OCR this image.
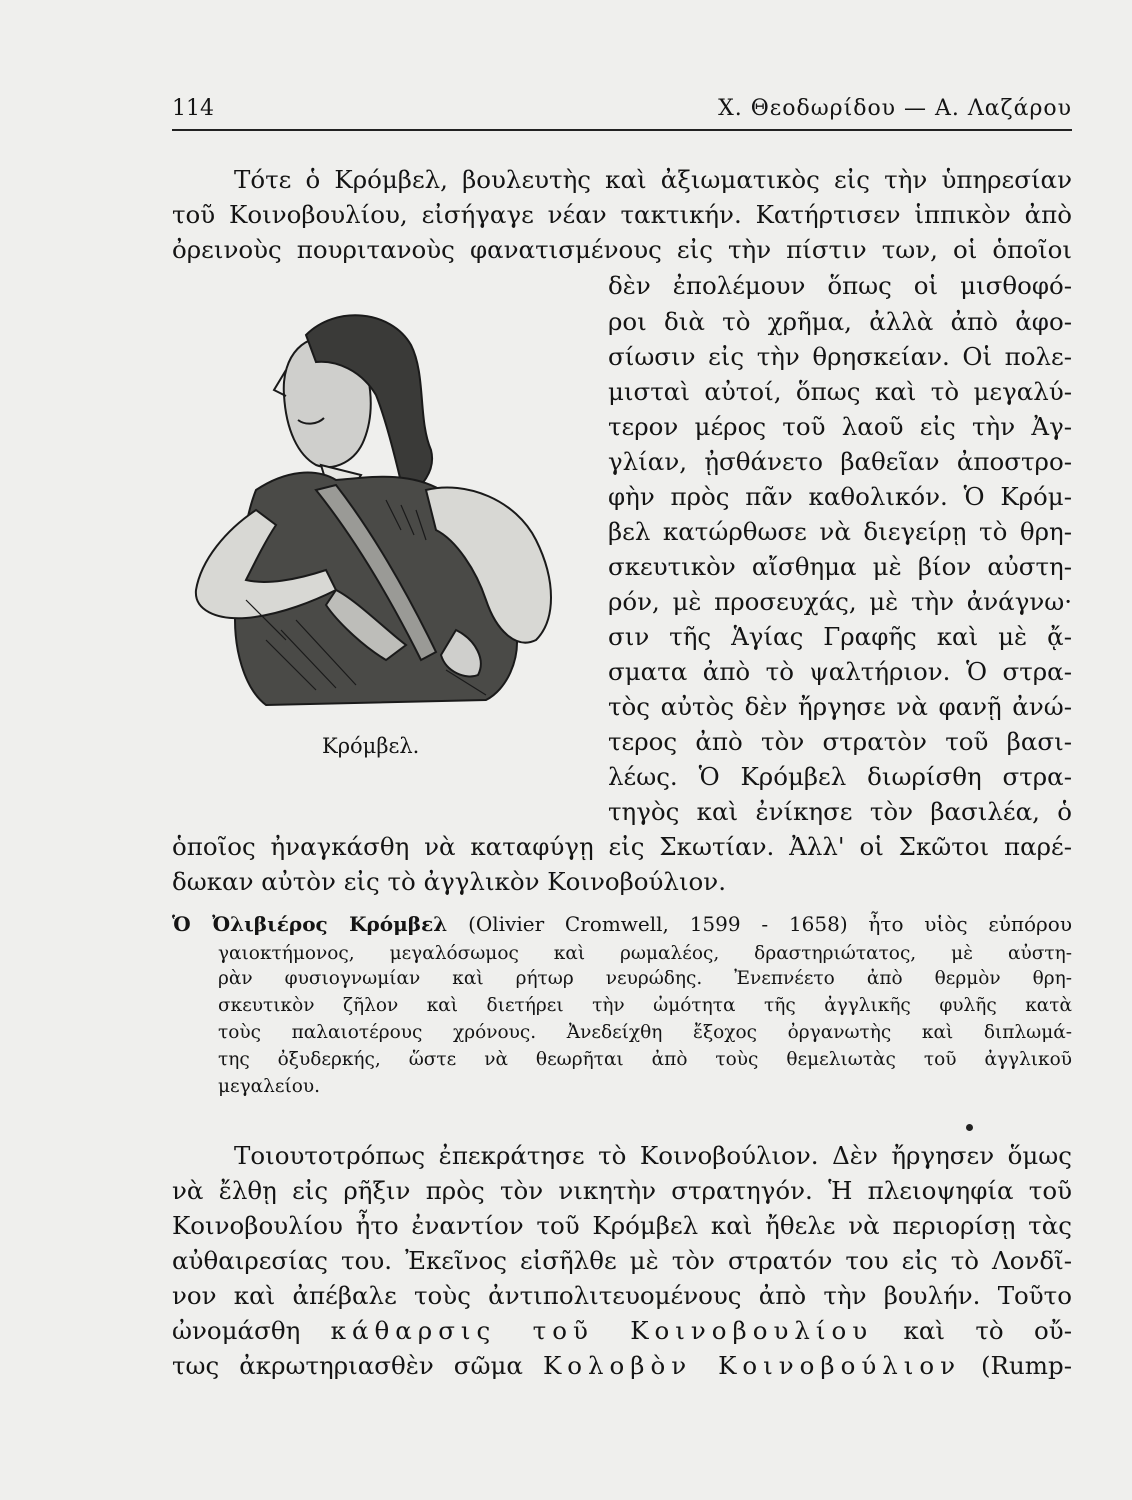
114	Χ. Θεοδωρίδου — Α. Λαζάρου

Τότε ὁ Κρόμβελ, βουλευτὴς καὶ ἀξιωματικὸς εἰς τὴν ὑπηρεσίαν

τοῦ Κοινοβουλίου, εἰσήγαγε νέαν τακτικήν. Κατήρτισεν ἱππικὸν ἀπὸ

ὀρεινοὺς πουριτανοὺς φανατισμένους εἰς τὴν πίστιν των, οἱ ὁποῖοι

Κρόμβελ.

δὲν ἐπολέμουν ὅπως οἱ μισθοφό-

ροι διὰ τὸ χρῆμα, ἀλλὰ ἀπὸ ἀφο-

σίωσιν εἰς τὴν θρησκείαν. Οἱ πολε-

μισταὶ αὐτοί, ὅπως καὶ τὸ μεγαλύ-

τερον μέρος τοῦ λαοῦ εἰς τὴν Ἀγ-

γλίαν, ᾐσθάνετο βαθεῖαν ἀποστρο-

φὴν πρὸς πᾶν καθολικόν. Ὁ Κρόμ-

βελ κατώρθωσε νὰ διεγείρῃ τὸ θρη-

σκευτικὸν αἴσθημα μὲ βίον αὐστη-

ρόν, μὲ προσευχάς, μὲ τὴν ἀνάγνω·

σιν τῆς Ἁγίας Γραφῆς καὶ μὲ ᾄ-

σματα ἀπὸ τὸ ψαλτήριον. Ὁ στρα-

τὸς αὐτὸς δὲν ἤργησε νὰ φανῇ ἀνώ-

τερος ἀπὸ τὸν στρατὸν τοῦ βασι-

λέως. Ὁ Κρόμβελ διωρίσθη στρα-

τηγὸς καὶ ἐνίκησε τὸν βασιλέα, ὁ

ὁποῖος ἠναγκάσθη νὰ καταφύγῃ εἰς Σκωτίαν. Ἀλλ' οἱ Σκῶτοι παρέ-

δωκαν αὐτὸν εἰς τὸ ἀγγλικὸν Κοινοβούλιον.

Ὁ Ὀλιβιέρος Κρόμβελ (Olivier Cromwell, 1599 - 1658) ἦτο υἱὸς εὐπόρου

γαιοκτήμονος, μεγαλόσωμος καὶ ρωμαλέος, δραστηριώτατος, μὲ αὐστη-

ρὰν φυσιογνωμίαν καὶ ρήτωρ νευρώδης. Ἐνεπνέετο ἀπὸ θερμὸν θρη-

σκευτικὸν ζῆλον καὶ διετήρει τὴν ὠμότητα τῆς ἀγγλικῆς φυλῆς κατὰ

τοὺς παλαιοτέρους χρόνους. Ἀνεδείχθη ἔξοχος ὀργανωτὴς καὶ διπλωμά-

της ὀξυδερκής, ὥστε νὰ θεωρῆται ἀπὸ τοὺς θεμελιωτὰς τοῦ ἀγγλικοῦ

μεγαλείου.

Τοιουτοτρόπως ἐπεκράτησε τὸ Κοινοβούλιον. Δὲν ἤργησεν ὅμως

νὰ ἔλθῃ εἰς ρῆξιν πρὸς τὸν νικητὴν στρατηγόν. Ἡ πλειοψηφία τοῦ

Κοινοβουλίου ἦτο ἐναντίον τοῦ Κρόμβελ καὶ ἤθελε νὰ περιορίσῃ τὰς

αὐθαιρεσίας του. Ἐκεῖνος εἰσῆλθε μὲ τὸν στρατόν του εἰς τὸ Λονδῖ-

νον καὶ ἀπέβαλε τοὺς ἀντιπολιτευομένους ἀπὸ τὴν βουλήν. Τοῦτο

ὠνομάσθη κάθαρσις τοῦ Κοινοβουλίου καὶ τὸ οὔ-

τως ἀκρωτηριασθὲν σῶμα Κολοβὸν Κοινοβούλιον (Rump-
